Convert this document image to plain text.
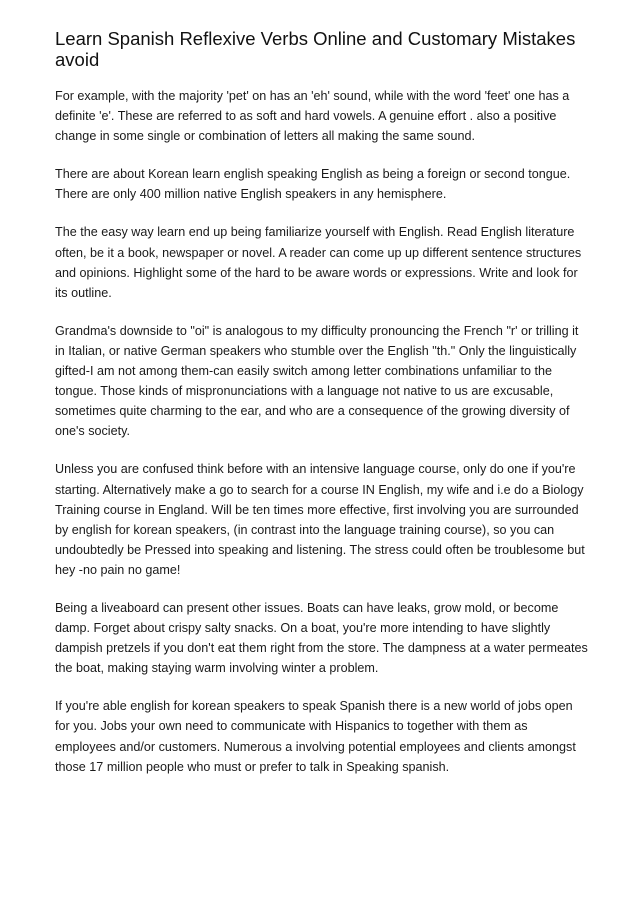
Learn Spanish Reflexive Verbs Online and Customary Mistakes avoid

For example, with the majority 'pet' on has an 'eh' sound, while with the word 'feet' one has a definite 'e'. These are referred to as soft and hard vowels. A genuine effort . also a positive change in some single or combination of letters all making the same sound.

There are about Korean learn english speaking English as being a foreign or second tongue. There are only 400 million native English speakers in any hemisphere.

The the easy way learn end up being familiarize yourself with English. Read English literature often, be it a book, newspaper or novel. A reader can come up up different sentence structures and opinions. Highlight some of the hard to be aware words or expressions. Write and look for its outline.

Grandma's downside to "oi" is analogous to my difficulty pronouncing the French "r' or trilling it in Italian, or native German speakers who stumble over the English "th." Only the linguistically gifted-I am not among them-can easily switch among letter combinations unfamiliar to the tongue. Those kinds of mispronunciations with a language not native to us are excusable, sometimes quite charming to the ear, and who are a consequence of the growing diversity of one's society.

Unless you are confused think before with an intensive language course, only do one if you're starting. Alternatively make a go to search for a course IN English, my wife and i.e do a Biology Training course in England. Will be ten times more effective, first involving you are surrounded by english for korean speakers, (in contrast into the language training course), so you can undoubtedly be Pressed into speaking and listening. The stress could often be troublesome but hey -no pain no game!

Being a liveaboard can present other issues. Boats can have leaks, grow mold, or become damp. Forget about crispy salty snacks. On a boat, you're more intending to have slightly dampish pretzels if you don't eat them right from the store. The dampness at a water permeates the boat, making staying warm involving winter a problem.

If you're able english for korean speakers to speak Spanish there is a new world of jobs open for you. Jobs your own need to communicate with Hispanics to together with them as employees and/or customers. Numerous a involving potential employees and clients amongst those 17 million people who must or prefer to talk in Speaking spanish.
